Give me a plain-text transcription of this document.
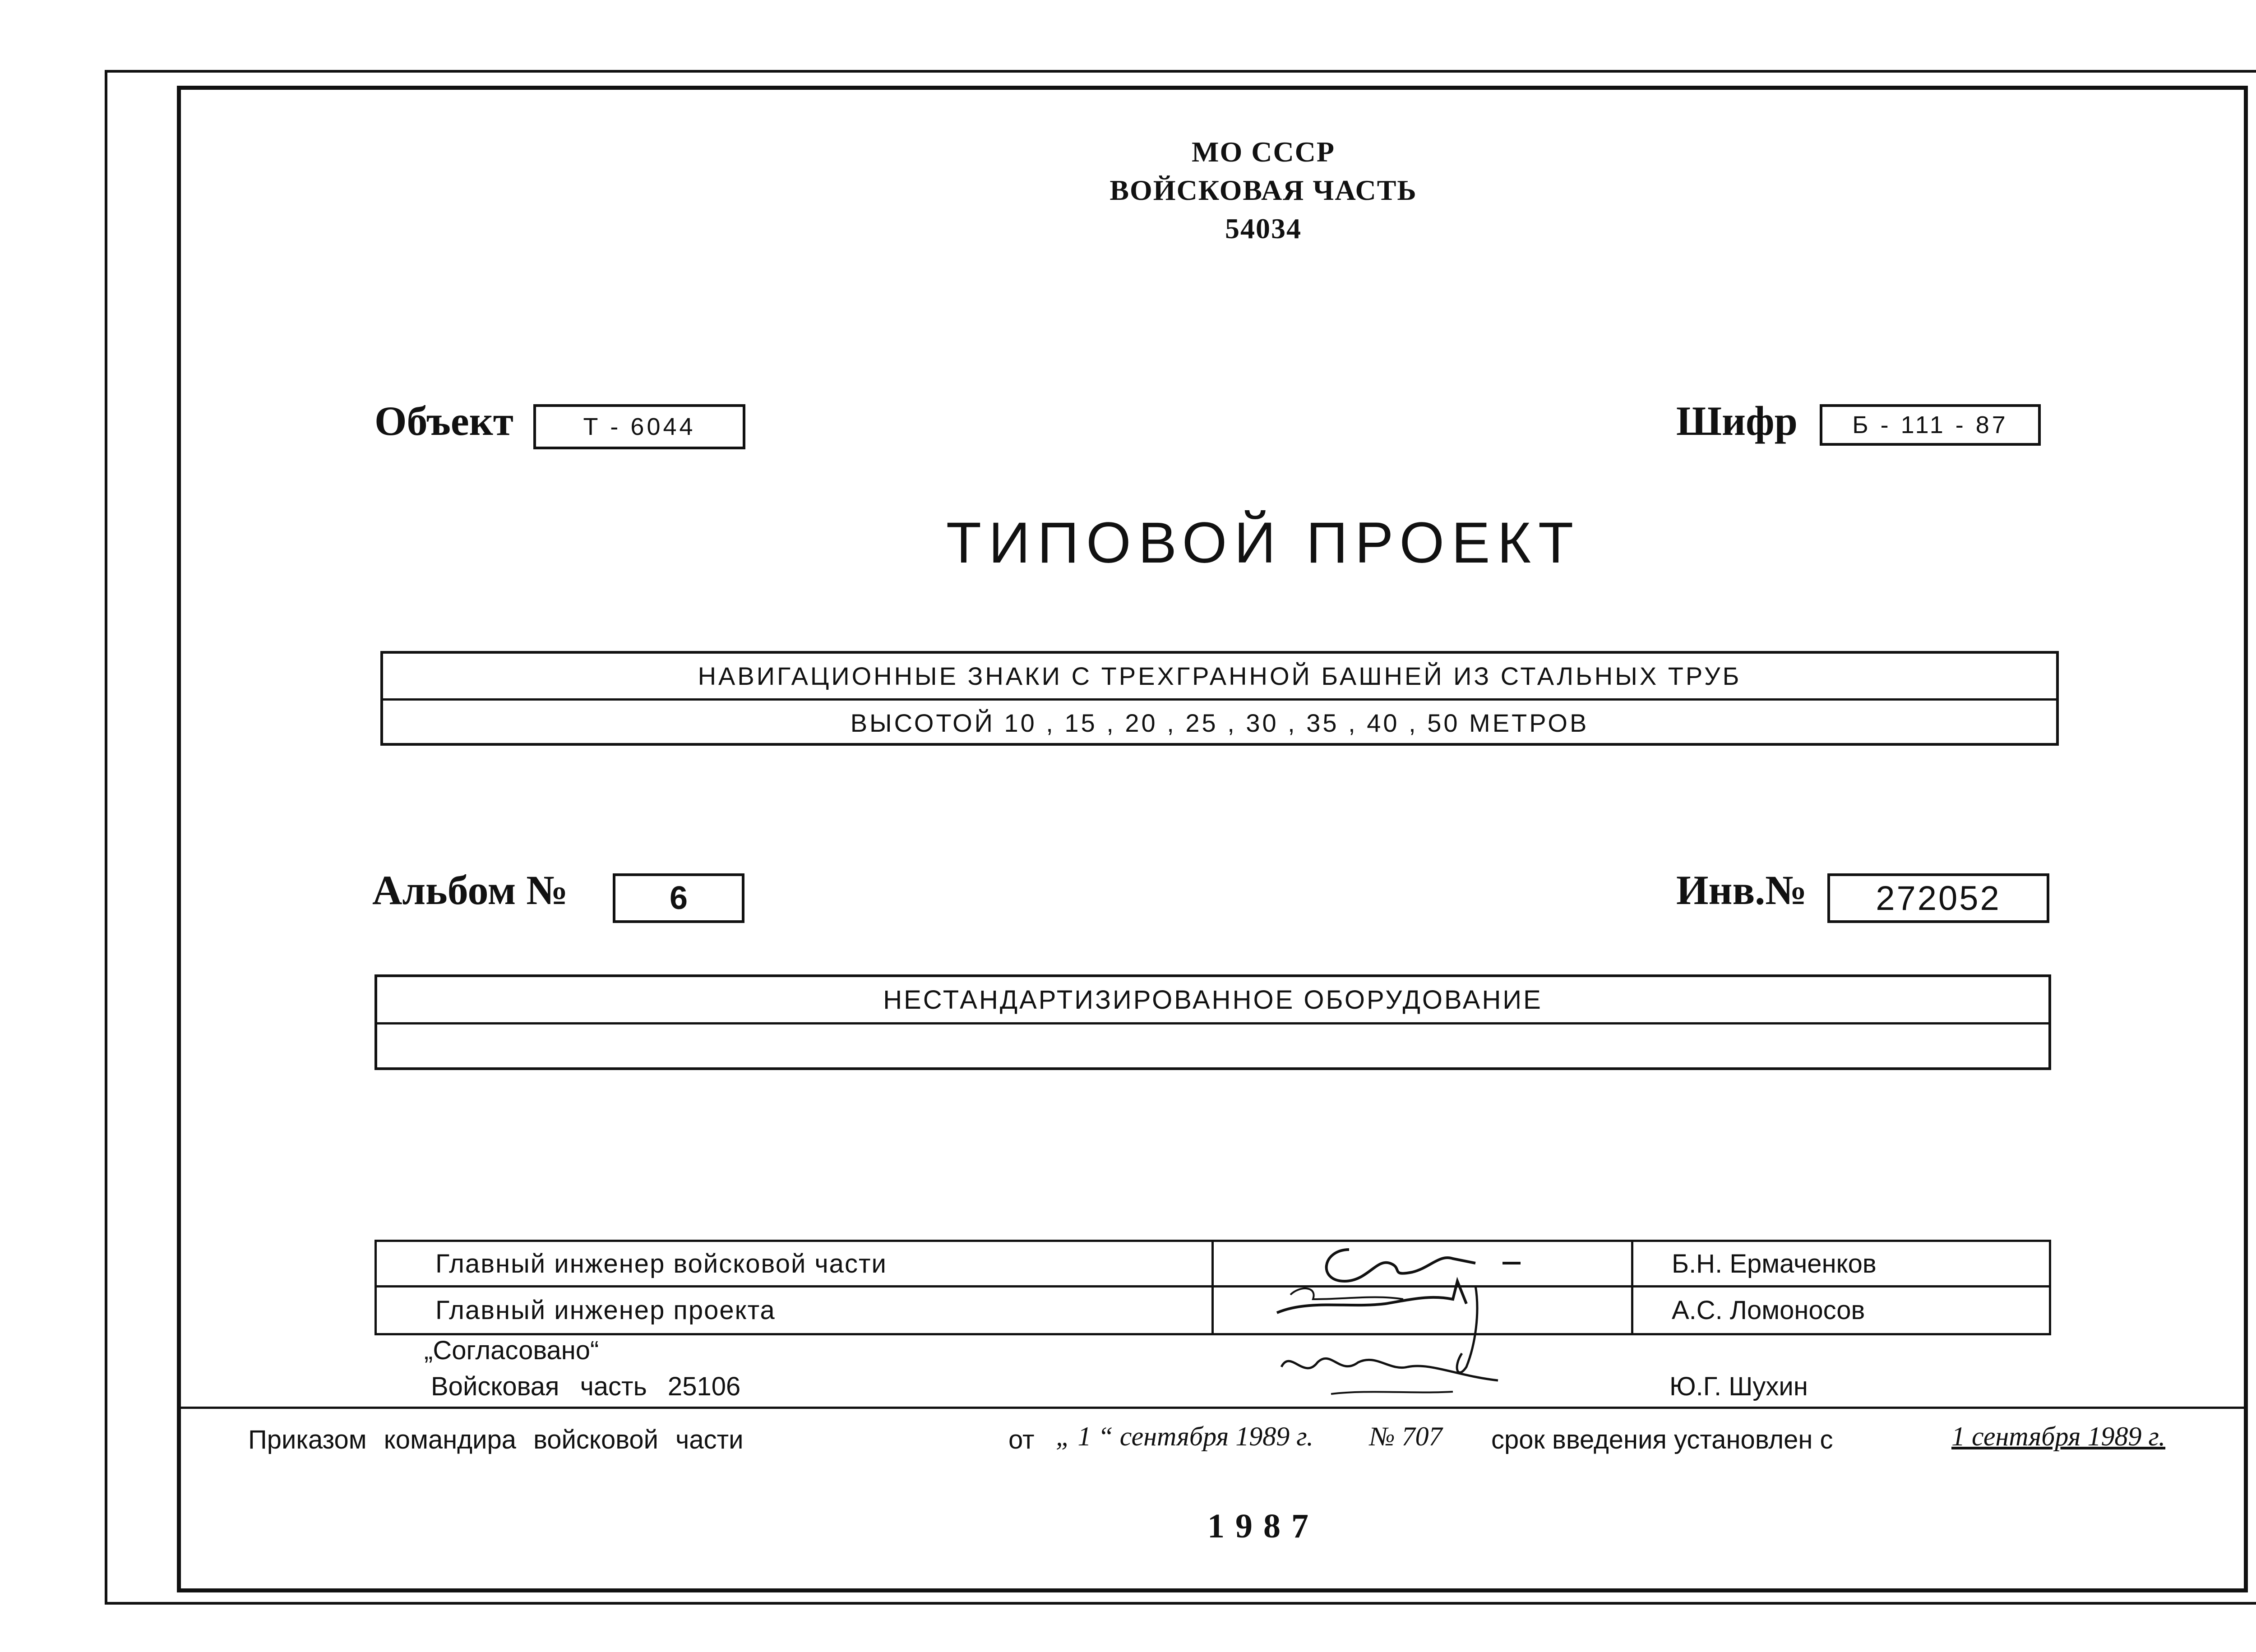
МО СССР
ВОЙСКОВАЯ ЧАСТЬ
54034
Объект	Т - 6044	Шифр Б - 111 - 87
ТИПОВОЙ ПРОЕКТ
НАВИГАЦИОННЫЕ ЗНАКИ С ТРЕХГРАННОЙ БАШНЕЙ ИЗ СТАЛЬНЫХ ТРУБ
ВЫСОТОЙ 10 , 15 , 20 , 25 , 30 , 35 , 40 , 50 МЕТРОВ
Альбом №	6	Инв.№ 272052
НЕСТАНДАРТИЗИРОВАННОЕ ОБОРУДОВАНИЕ
Главный инженер войсковой части	Б.Н. Ермаченков
Главный инженер проекта	А.С. Ломоносов
„Согласовано“
Войсковая часть 25106	Ю.Г. Шухин
Приказом командира войсковой части	от „ 1 “ сентября 1989 г. № 707 срок введения установлен с	1 сентября 1989 г.
1987
